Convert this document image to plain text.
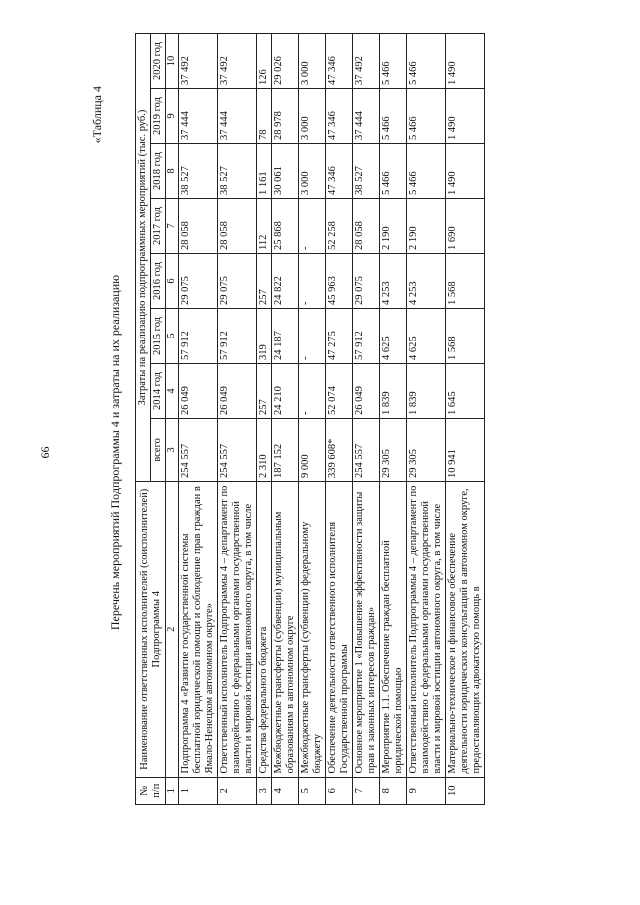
66
«Таблица 4
Перечень мероприятий Подпрограммы 4 и затраты на их реализацию
№ п/п	Наименование ответственных исполнителей (соисполнителей) Подпрограммы 4	Затраты на реализацию подпрограммных мероприятий (тыс. руб.)							
		всего	2014 год	2015 год	2016 год	2017 год	2018 год	2019 год	2020 год
1	2	3	4	5	6	7	8	9	10
1	Подпрограмма 4 «Развитие государственной системы бесплатной юридической помощи и соблюдение прав граждан в Ямало-Ненецком автономном округе»	254 557	26 049	57 912	29 075	28 058	38 527	37 444	37 492
2	Ответственный исполнитель Подпрограммы 4 – департамент по взаимодействию с федеральными органами государственной власти и мировой юстиции автономного округа, в том числе	254 557	26 049	57 912	29 075	28 058	38 527	37 444	37 492
3	Средства федерального бюджета	2 310	257	319	257	112	1 161	78	126
4	Межбюджетные трансферты (субвенции) муниципальным образованиям в автономном округе	187 152	24 210	24 187	24 822	25 868	30 061	28 978	29 026
5	Межбюджетные трансферты (субвенции) федеральному бюджету	9 000	-	-	-	-	3 000	3 000	3 000
6	Обеспечение деятельности ответственного исполнителя Государственной программы	339 608*	52 074	47 275	45 963	52 258	47 346	47 346	47 346
7	Основное мероприятие 1 «Повышение эффективности защиты прав и законных интересов граждан»	254 557	26 049	57 912	29 075	28 058	38 527	37 444	37 492
8	Мероприятие 1.1. Обеспечение граждан бесплатной юридической помощью	29 305	1 839	4 625	4 253	2 190	5 466	5 466	5 466
9	Ответственный исполнитель Подпрограммы 4 – департамент по взаимодействию с федеральными органами государственной власти и мировой юстиции автономного округа, в том числе	29 305	1 839	4 625	4 253	2 190	5 466	5 466	5 466
10	Материально-техническое и финансовое обеспечение деятельности юридических консультаций в автономном округе, предоставляющих адвокатскую помощь в	10 941	1 645	1 568	1 568	1 690	1 490	1 490	1 490
